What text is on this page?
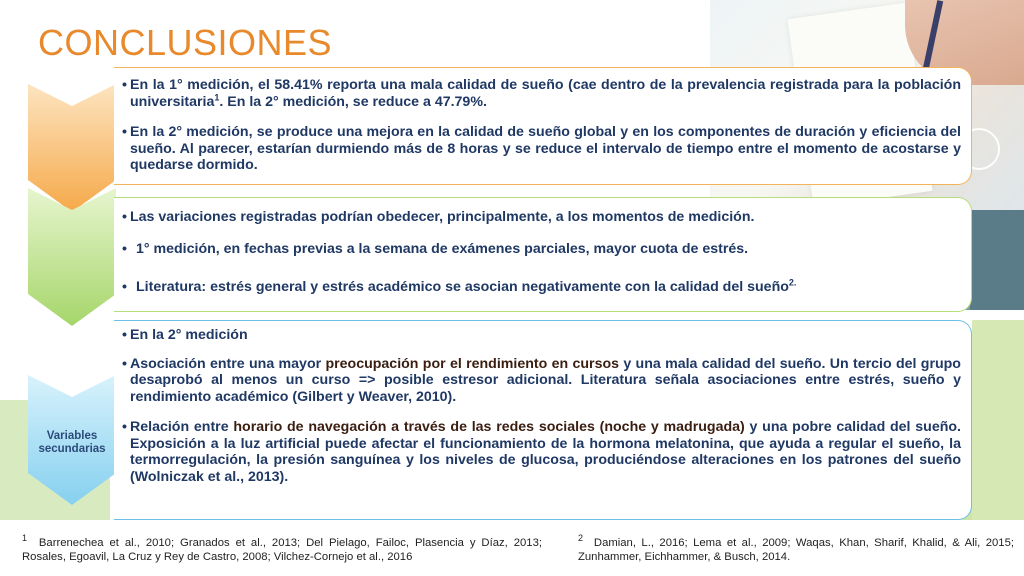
CONCLUSIONES
Variables secundarias
• En la 1° medición, el 58.41% reporta una mala calidad de sueño (cae dentro de la prevalencia registrada para la población universitaria$^1$. En la 2° medición, se reduce a 47.79%.
• En la 2° medición, se produce una mejora en la calidad de sueño global y en los componentes de duración y eficiencia del sueño. Al parecer, estarían durmiendo más de 8 horas y se reduce el intervalo de tiempo entre el momento de acostarse y quedarse dormido.
• Las variaciones registradas podrían obedecer, principalmente, a los momentos de medición.
• 1° medición, en fechas previas a la semana de exámenes parciales, mayor cuota de estrés.
• Literatura: estrés general y estrés académico se asocian negativamente con la calidad del sueño$^{2.}$
• En la 2° medición
• Asociación entre una mayor preocupación por el rendimiento en cursos y una mala calidad del sueño. Un tercio del grupo desaprobó al menos un curso => posible estresor adicional. Literatura señala asociaciones entre estrés, sueño y rendimiento académico (Gilbert y Weaver, 2010).
• Relación entre horario de navegación a través de las redes sociales (noche y madrugada) y una pobre calidad del sueño. Exposición a la luz artificial puede afectar el funcionamiento de la hormona melatonina, que ayuda a regular el sueño, la termorregulación, la presión sanguínea y los niveles de glucosa, produciéndose alteraciones en los patrones del sueño (Wolniczak et al., 2013).
$^1$ Barrenechea et al., 2010; Granados et al., 2013; Del Pielago, Failoc, Plasencia y Díaz, 2013; Rosales, Egoavil, La Cruz y Rey de Castro, 2008; Vilchez-Cornejo et al., 2016
$^2$ Damian, L., 2016; Lema et al., 2009; Waqas, Khan, Sharif, Khalid, & Ali, 2015; Zunhammer, Eichhammer, & Busch, 2014.
